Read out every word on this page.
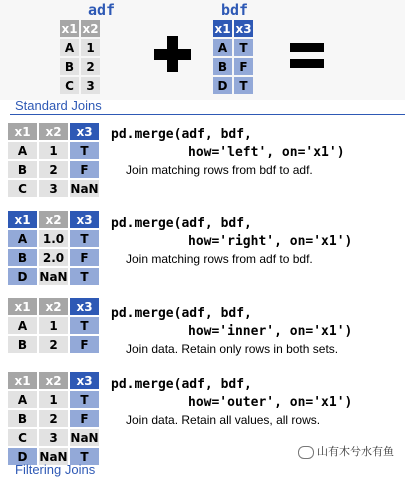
adf
x1	x2
A	1
B	2
C	3
bdf
x1	x3
A	T
B	F
D	T
Standard Joins
x1	x2	x3
A	1	T
B	2	F
C	3	NaN
pd.merge(adf, bdf,
how='left', on='x1')
Join matching rows from bdf to adf.
x1	x2	x3
A	1.0	T
B	2.0	F
D	NaN	T
pd.merge(adf, bdf,
how='right', on='x1')
Join matching rows from adf to bdf.
x1	x2	x3
A	1	T
B	2	F
pd.merge(adf, bdf,
how='inner', on='x1')
Join data. Retain only rows in both sets.
x1	x2	x3
A	1	T
B	2	F
C	3	NaN
D	NaN	T
pd.merge(adf, bdf,
how='outer', on='x1')
Join data. Retain all values, all rows.
Filtering Joins
山有木兮水有鱼
